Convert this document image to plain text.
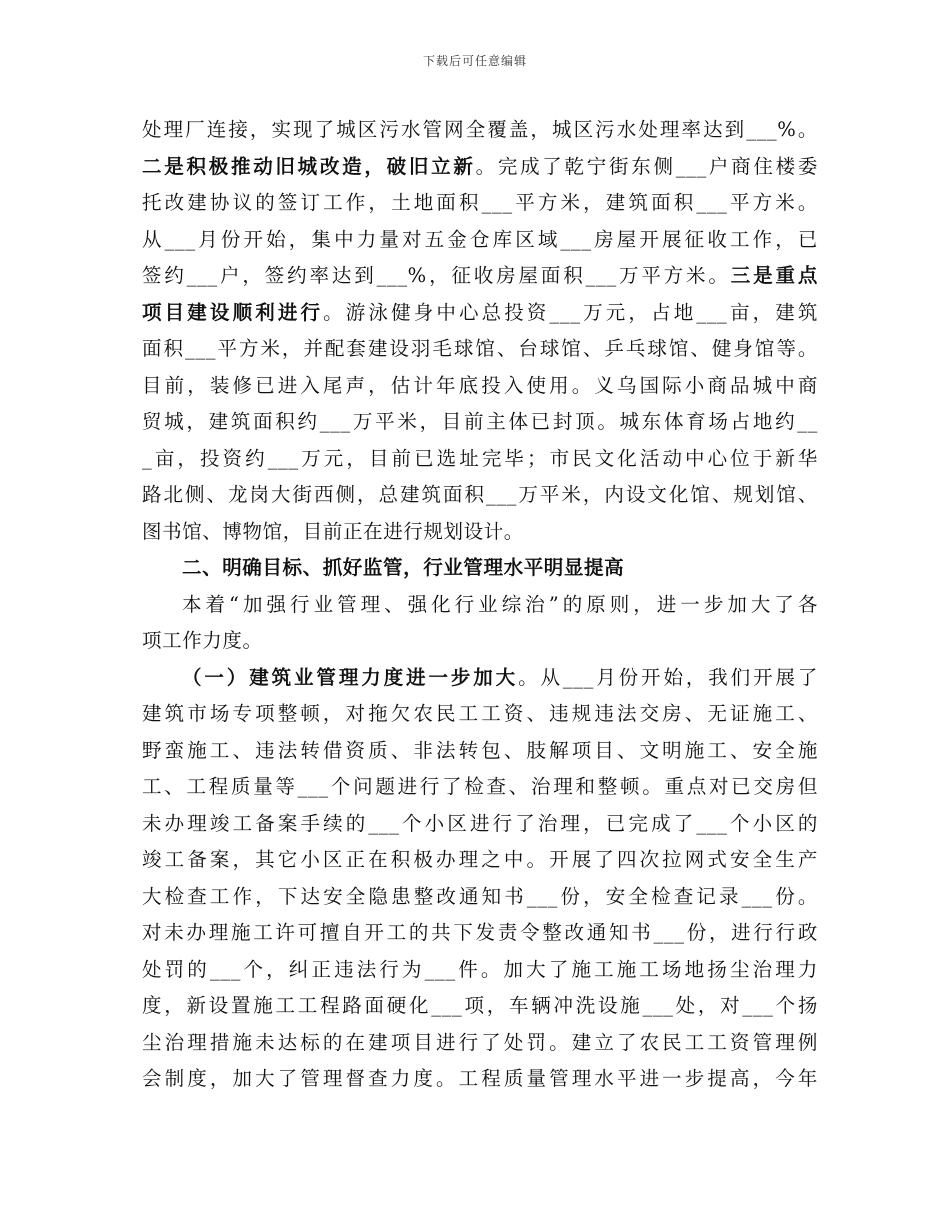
下载后可任意编辑
处理厂连接，实现了城区污水管网全覆盖，城区污水处理率达到___%。
二是积极推动旧城改造，破旧立新。完成了乾宁街东侧___户商住楼委
托改建协议的签订工作，土地面积___平方米，建筑面积___平方米。
从___月份开始，集中力量对五金仓库区域___房屋开展征收工作，已
签约___户，签约率达到___%，征收房屋面积___万平方米。三是重点
项目建设顺利进行。游泳健身中心总投资___万元，占地___亩，建筑
面积___平方米，并配套建设羽毛球馆、台球馆、乒乓球馆、健身馆等。
目前，装修已进入尾声，估计年底投入使用。义乌国际小商品城中商
贸城，建筑面积约___万平米，目前主体已封顶。城东体育场占地约__
_亩，投资约___万元，目前已选址完毕；市民文化活动中心位于新华
路北侧、龙岗大街西侧，总建筑面积___万平米，内设文化馆、规划馆、
图书馆、博物馆，目前正在进行规划设计。
二、明确目标、抓好监管，行业管理水平明显提高
本着“加强行业管理、强化行业综治”的原则，进一步加大了各
项工作力度。
（一）建筑业管理力度进一步加大。从___月份开始，我们开展了
建筑市场专项整顿，对拖欠农民工工资、违规违法交房、无证施工、
野蛮施工、违法转借资质、非法转包、肢解项目、文明施工、安全施
工、工程质量等___个问题进行了检查、治理和整顿。重点对已交房但
未办理竣工备案手续的___个小区进行了治理，已完成了___个小区的
竣工备案，其它小区正在积极办理之中。开展了四次拉网式安全生产
大检查工作，下达安全隐患整改通知书___份，安全检查记录___份。
对未办理施工许可擅自开工的共下发责令整改通知书___份，进行行政
处罚的___个，纠正违法行为___件。加大了施工施工场地扬尘治理力
度，新设置施工工程路面硬化___项，车辆冲洗设施___处，对___个扬
尘治理措施未达标的在建项目进行了处罚。建立了农民工工资管理例
会制度，加大了管理督查力度。工程质量管理水平进一步提高，今年
